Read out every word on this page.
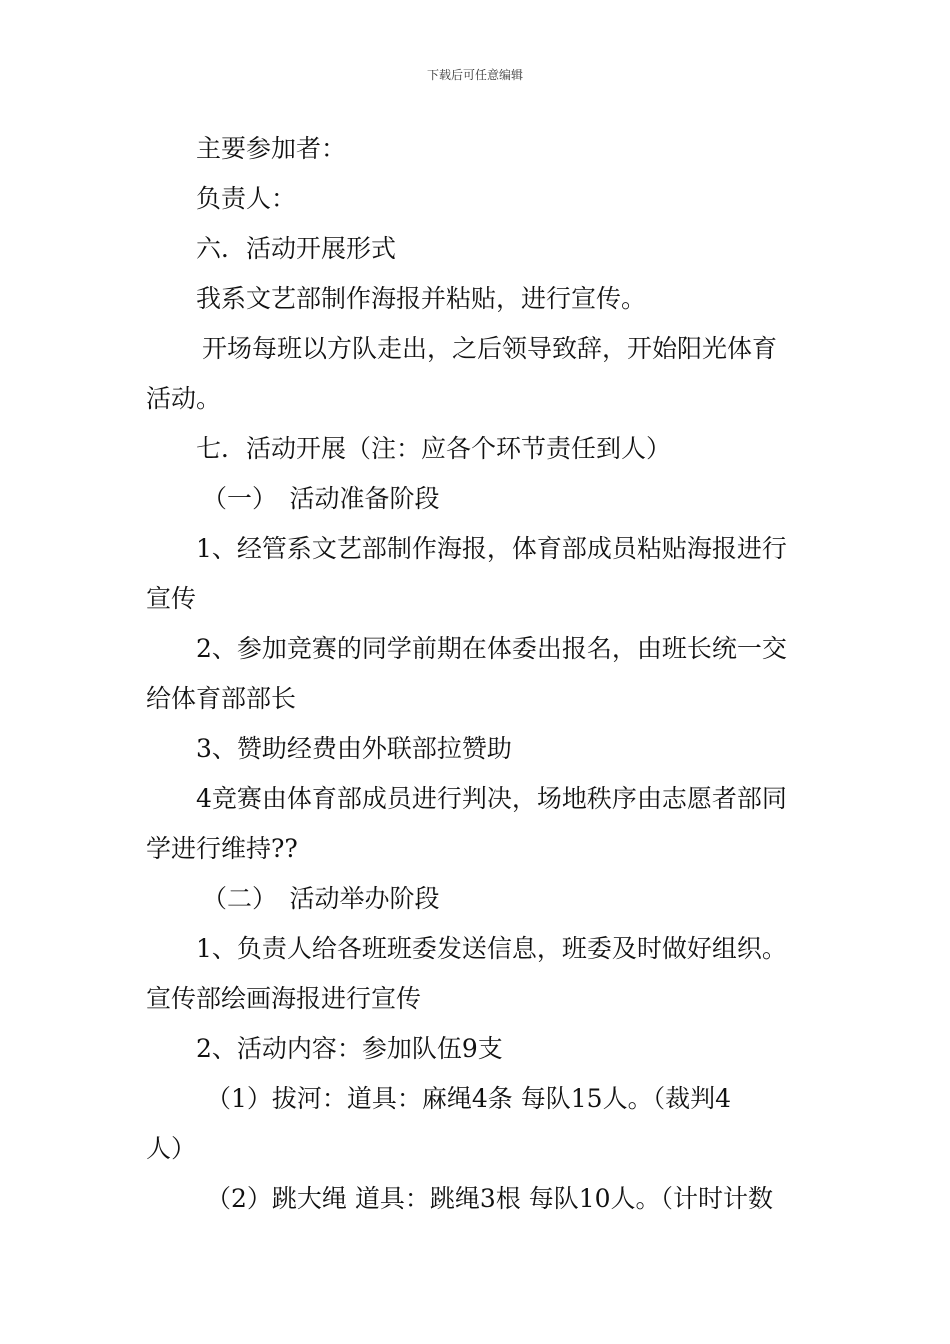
下载后可任意编辑
主要参加者：
负责人：
六．活动开展形式
我系文艺部制作海报并粘贴，进行宣传。
开场每班以方队走出，之后领导致辞，开始阳光体育
活动。
七．活动开展（注：应各个环节责任到人）
（一）　活动准备阶段
1、经管系文艺部制作海报，体育部成员粘贴海报进行
宣传
2、参加竞赛的同学前期在体委出报名，由班长统一交
给体育部部长
3、赞助经费由外联部拉赞助
4竞赛由体育部成员进行判决，场地秩序由志愿者部同
学进行维持??
（二）　活动举办阶段
1、负责人给各班班委发送信息，班委及时做好组织。
宣传部绘画海报进行宣传
2、活动内容：参加队伍9支
（1）拔河：道具：麻绳4条 每队15人。（裁判4
人）
（2）跳大绳 道具：跳绳3根 每队10人。（计时计数
